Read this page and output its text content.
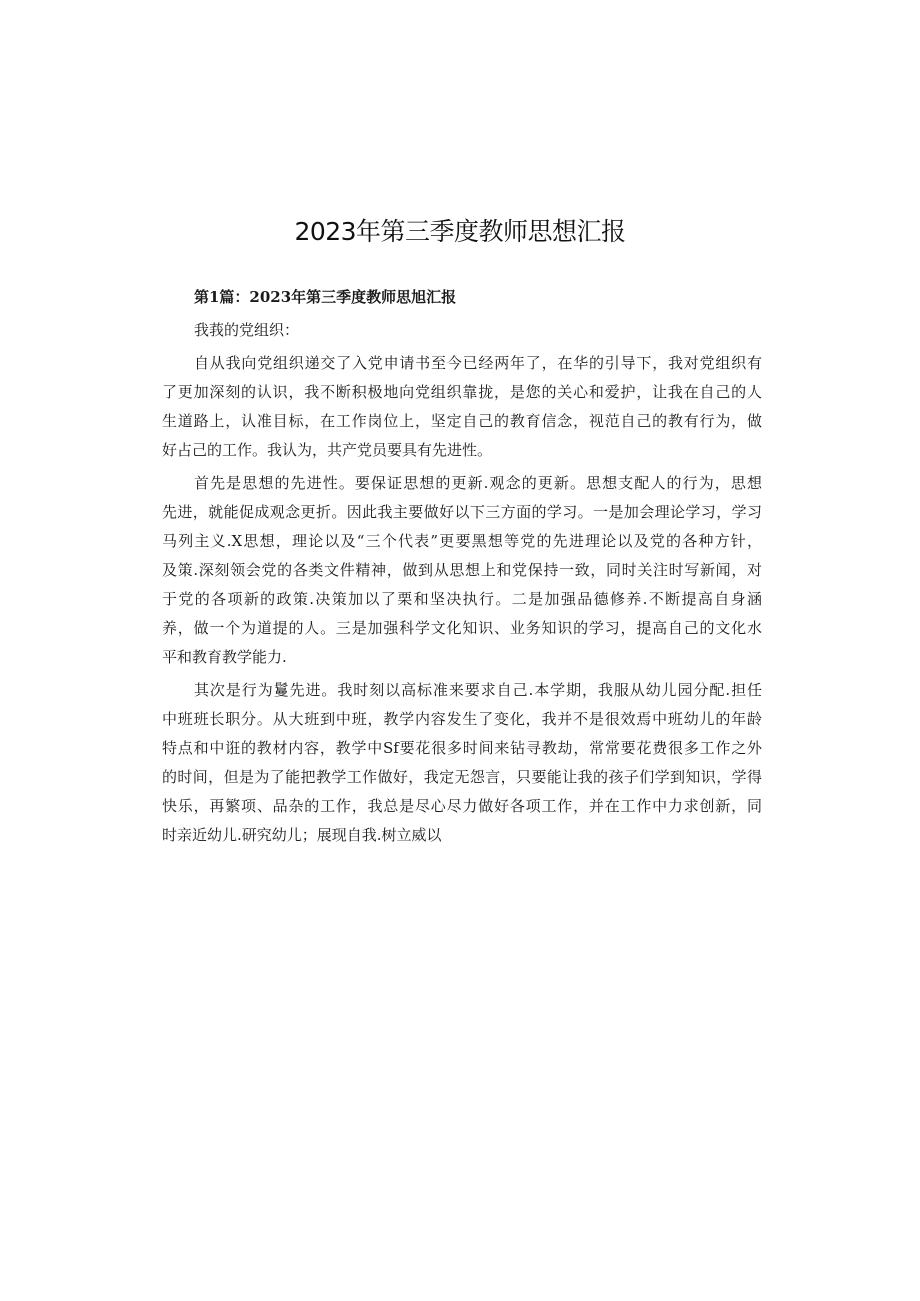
2023年第三季度教师思想汇报
第1篇：2023年第三季度教师思旭汇报
我莪的党组织：
自从我向党组织递交了入党申请书至今已经两年了，在华的引导下，我对党组织有
了更加深刻的认识，我不断积极地向党组织靠拢，是您的关心和爱护，让我在自己的人
生道路上，认准目标，在工作岗位上，坚定自己的教育信念，视范自己的教有行为，做
好占己的工作。我认为，共产党员要具有先进性。
首先是思想的先进性。要保证思想的更新.观念的更新。思想支配人的行为，思想
先进，就能促成观念更折。因此我主要做好以下三方面的学习。一是加会理论学习，学习
马列主义.X思想，理论以及“三个代表”更要黑想等党的先进理论以及党的各种方针，
及策.深刻领会党的各类文件精神，做到从思想上和党保持一致，同时关注时写新闻，对
于党的各项新的政策.决策加以了栗和坚决执行。二是加强品德修养.不断提高自身涵
养，做一个为道提的人。三是加强科学文化知识、业务知识的学习，提高自己的文化水
平和教育教学能力.
其次是行为鬘先进。我时刻以高标准来要求自己.本学期，我服从幼儿园分配.担任
中班班长职分。从大班到中班，教学内容发生了变化，我并不是很效焉中班幼儿的年龄
特点和中诳的教材内容，教学中Sf要花很多时间来钻寻教劫，常常要花费很多工作之外
的时间，但是为了能把教学工作做好，我定无怨言，只要能让我的孩子们学到知识，学得
快乐，再繁项、品杂的工作，我总是尽心尽力做好各项工作，并在工作中力求创新，同
时亲近幼儿.研究幼儿；展现自我.树立威以
